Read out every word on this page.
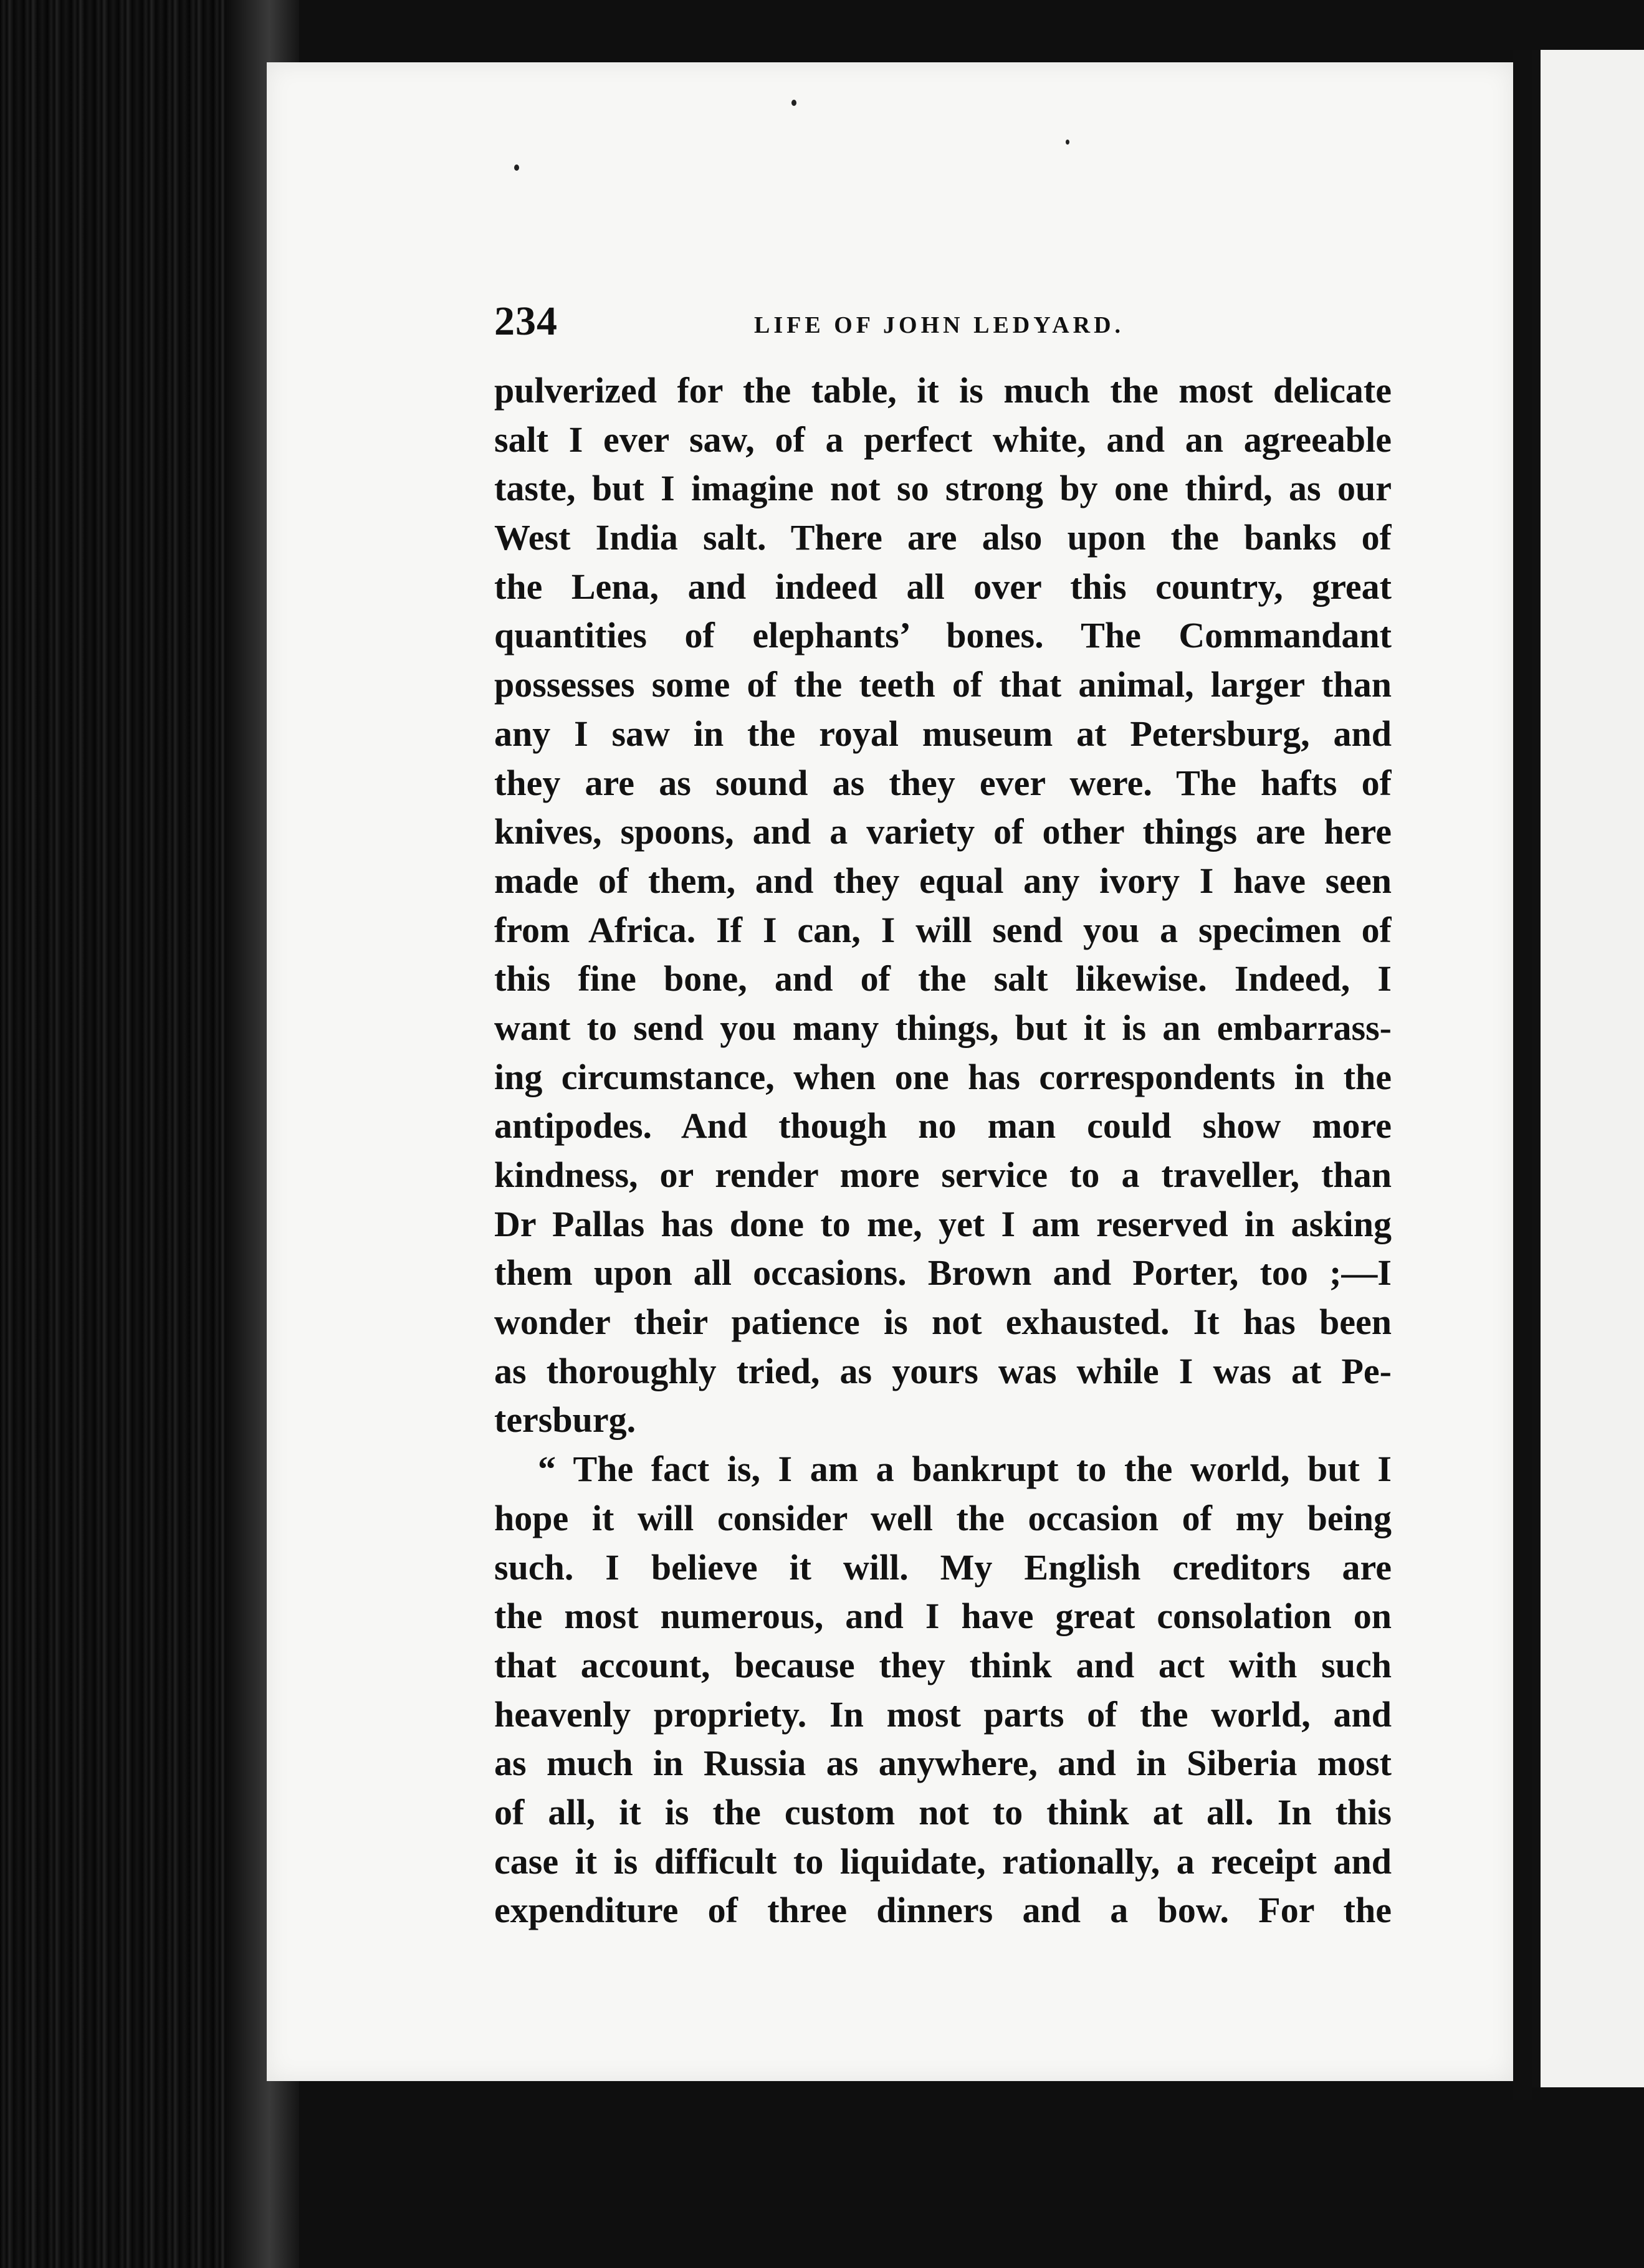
234	LIFE OF JOHN LEDYARD.
pulverized for the table, it is much the most delicate
salt I ever saw, of a perfect white, and an agreeable
taste, but I imagine not so strong by one third, as our
West India salt. There are also upon the banks of
the Lena, and indeed all over this country, great
quantities of elephants’ bones. The Commandant
possesses some of the teeth of that animal, larger than
any I saw in the royal museum at Petersburg, and
they are as sound as they ever were. The hafts of
knives, spoons, and a variety of other things are here
made of them, and they equal any ivory I have seen
from Africa. If I can, I will send you a specimen of
this fine bone, and of the salt likewise. Indeed, I
want to send you many things, but it is an embarrass-
ing circumstance, when one has correspondents in the
antipodes. And though no man could show more
kindness, or render more service to a traveller, than
Dr Pallas has done to me, yet I am reserved in asking
them upon all occasions. Brown and Porter, too ;—I
wonder their patience is not exhausted. It has been
as thoroughly tried, as yours was while I was at Pe-
tersburg.
“ The fact is, I am a bankrupt to the world, but I
hope it will consider well the occasion of my being
such. I believe it will. My English creditors are
the most numerous, and I have great consolation on
that account, because they think and act with such
heavenly propriety. In most parts of the world, and
as much in Russia as anywhere, and in Siberia most
of all, it is the custom not to think at all. In this
case it is difficult to liquidate, rationally, a receipt and
expenditure of three dinners and a bow. For the
